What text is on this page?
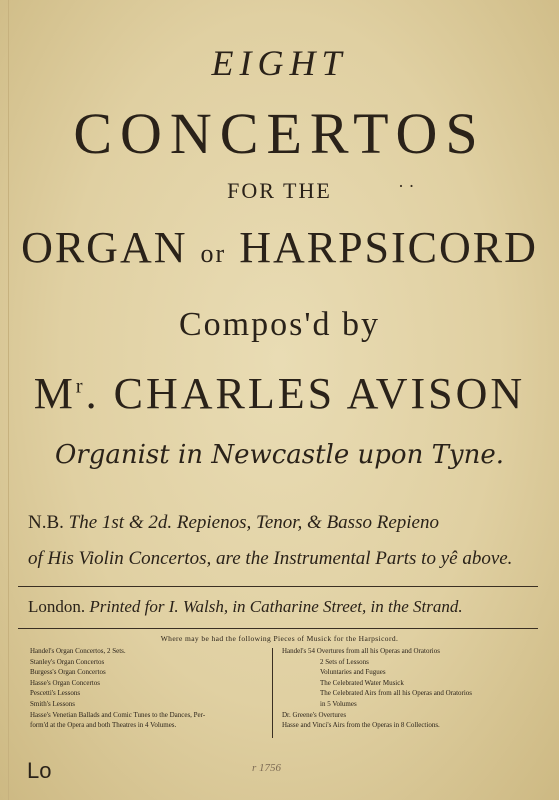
EIGHT
CONCERTOS
FOR THE	· ·
ORGAN or HARPSICORD
Compos'd by
$M^r$. CHARLES AVISON
Organist in Newcastle upon Tyne.
N.B. The 1st & 2d. Repienos, Tenor, & Basso Repieno
of His Violin Concertos, are the Instrumental Parts to yê above.
London. Printed for I. Walsh, in Catharine Street, in the Strand.
Where may be had the following Pieces of Musick for the Harpsicord.
Handel's Organ Concertos, 2 Sets.
Stanley's Organ Concertos
Burgess's Organ Concertos
Hasse's Organ Concertos
Pescetti's Lessons
Smith's Lessons
Hasse's Venetian Ballads and Comic Tunes to the Dances, Per-
form'd at the Opera and both Theatres in 4 Volumes.
Handel's 54 Overtures from all his Operas and Oratorios
2 Sets of Lessons
Voluntaries and Fugues
The Celebrated Water Musick
The Celebrated Airs from all his Operas and Oratorios
in 5 Volumes
Dr. Greene's Overtures
Hasse and Vinci's Airs from the Operas in 8 Collections.
Lo	r 1756
